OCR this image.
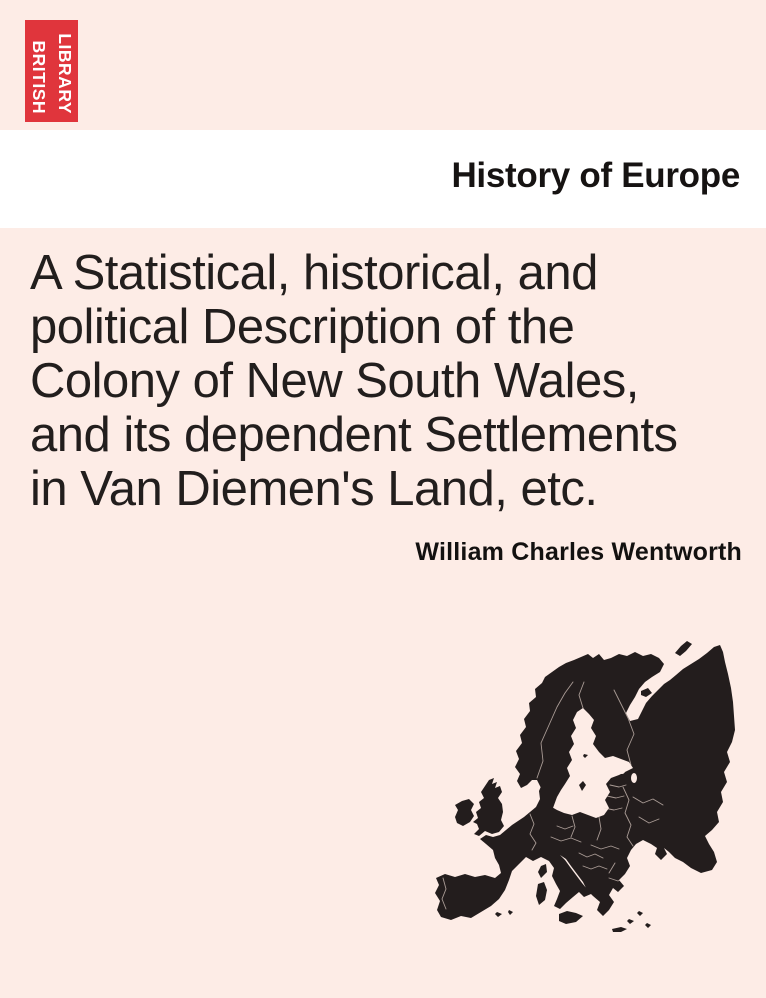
LIBRARY
BRITISH
History of Europe
A Statistical, historical, and
political Description of the
Colony of New South Wales,
and its dependent Settlements
in Van Diemen's Land, etc.
William Charles Wentworth
